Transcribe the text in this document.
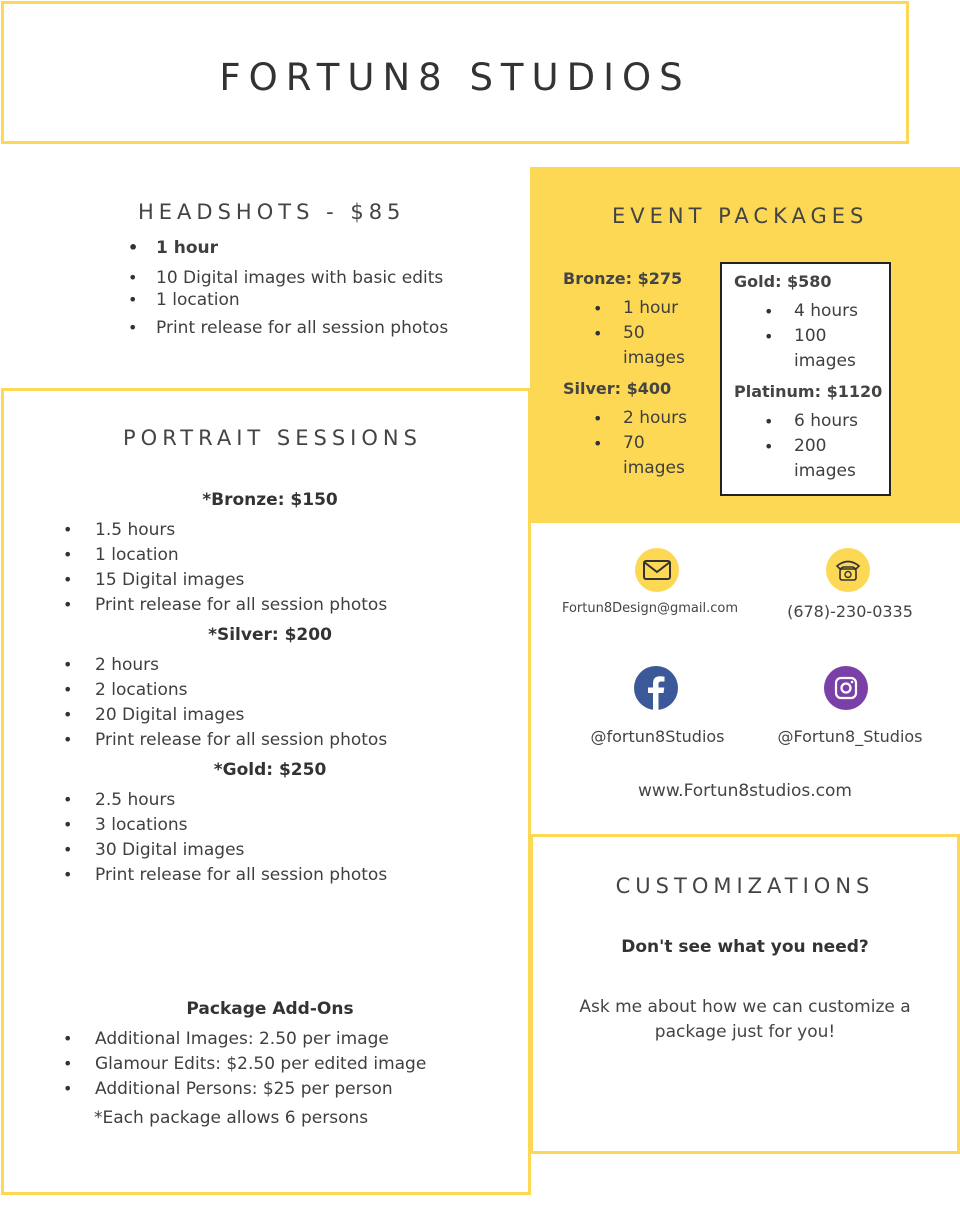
FORTUN8 STUDIOS
HEADSHOTS - $85
• 1 hour
• 10 Digital images with basic edits
• 1 location
• Print release for all session photos
PORTRAIT SESSIONS
*Bronze: $150
• 1.5 hours
• 1 location
• 15 Digital images
• Print release for all session photos
*Silver: $200
• 2 hours
• 2 locations
• 20 Digital images
• Print release for all session photos
*Gold: $250
• 2.5 hours
• 3 locations
• 30 Digital images
• Print release for all session photos
Package Add-Ons
• Additional Images: 2.50 per image
• Glamour Edits: $2.50 per edited image
• Additional Persons: $25 per person
*Each package allows 6 persons
EVENT PACKAGES
Bronze: $275
• 1 hour
• 50
images
Silver: $400
• 2 hours
• 70
images
Gold: $580
• 4 hours
• 100
images
Platinum: $1120
• 6 hours
• 200
images
Fortun8Design@gmail.com	(678)-230-0335
@fortun8Studios	@Fortun8_Studios
www.Fortun8studios.com
CUSTOMIZATIONS
Don't see what you need?
Ask me about how we can customize a
package just for you!
